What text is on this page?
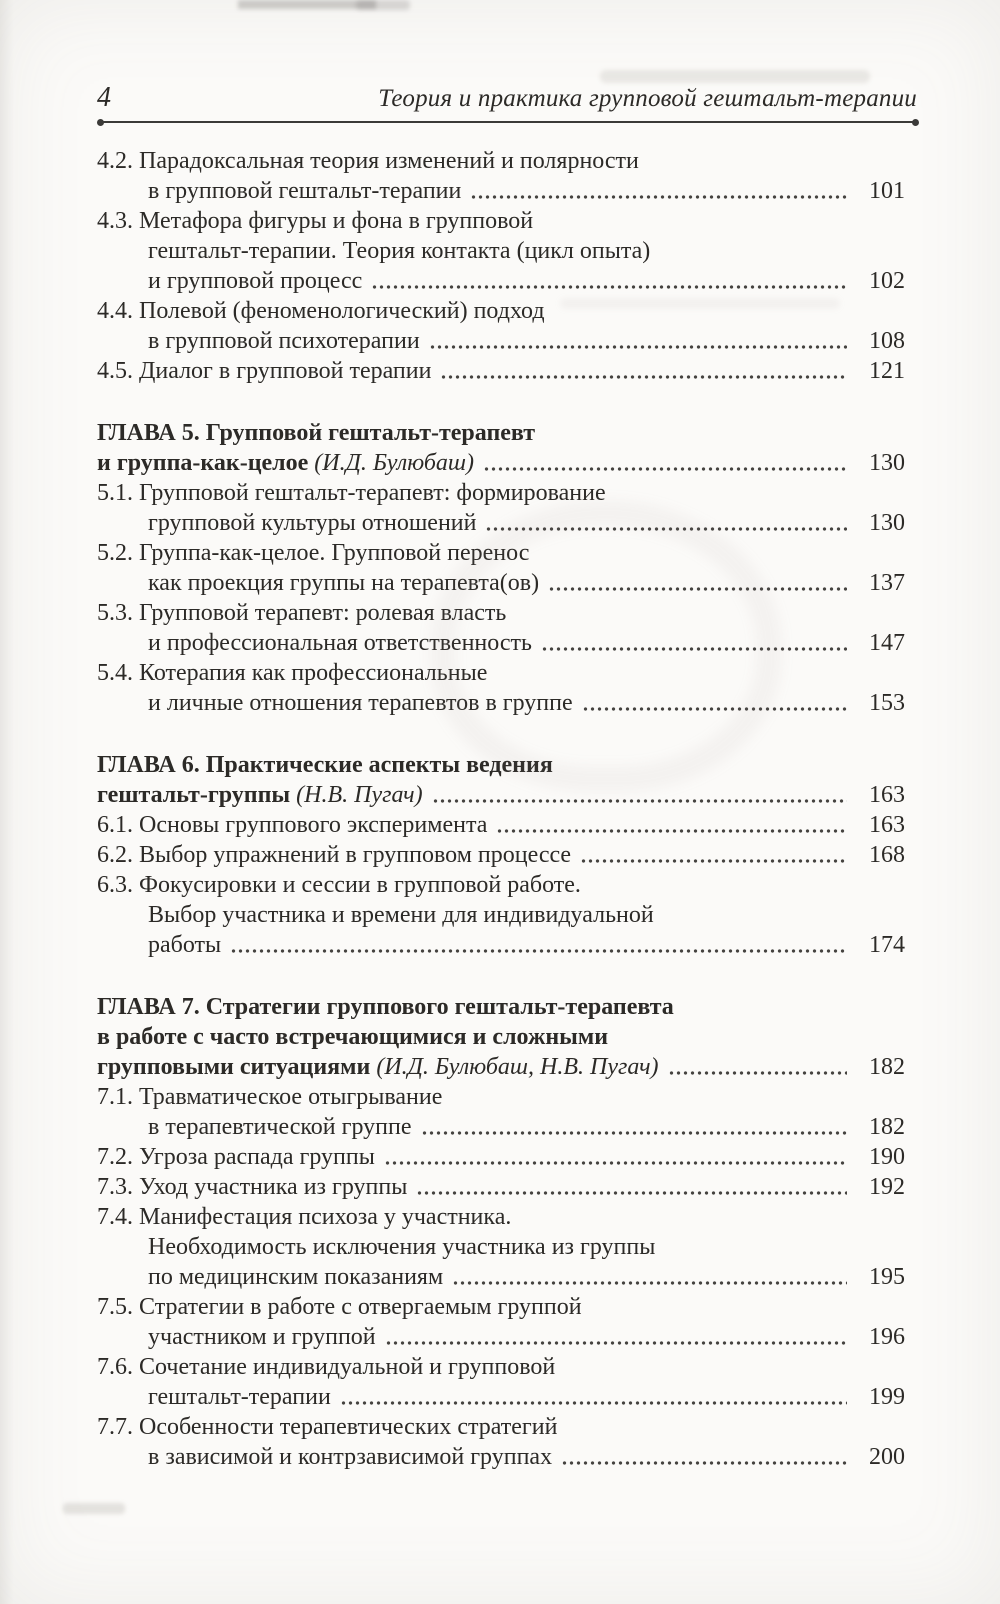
4	Теория и практика групповой гештальт-терапии
4.2. Парадоксальная теория изменений и полярности
в групповой гештальт-терапии	101
4.3. Метафора фигуры и фона в групповой
гештальт-терапии. Теория контакта (цикл опыта)
и групповой процесс	102
4.4. Полевой (феноменологический) подход
в групповой психотерапии	108
4.5. Диалог в групповой терапии	121
ГЛАВА 5. Групповой гештальт-терапевт
и группа-как-целое (И.Д. Булюбаш)	130
5.1. Групповой гештальт-терапевт: формирование
групповой культуры отношений	130
5.2. Группа-как-целое. Групповой перенос
как проекция группы на терапевта(ов)	137
5.3. Групповой терапевт: ролевая власть
и профессиональная ответственность	147
5.4. Котерапия как профессиональные
и личные отношения терапевтов в группе	153
ГЛАВА 6. Практические аспекты ведения
гештальт-группы (Н.В. Пугач)	163
6.1. Основы группового эксперимента	163
6.2. Выбор упражнений в групповом процессе	168
6.3. Фокусировки и сессии в групповой работе.
Выбор участника и времени для индивидуальной
работы	174
ГЛАВА 7. Стратегии группового гештальт-терапевта
в работе с часто встречающимися и сложными
групповыми ситуациями (И.Д. Булюбаш, Н.В. Пугач)	182
7.1. Травматическое отыгрывание
в терапевтической группе	182
7.2. Угроза распада группы	190
7.3. Уход участника из группы	192
7.4. Манифестация психоза у участника.
Необходимость исключения участника из группы
по медицинским показаниям	195
7.5. Стратегии в работе с отвергаемым группой
участником и группой	196
7.6. Сочетание индивидуальной и групповой
гештальт-терапии	199
7.7. Особенности терапевтических стратегий
в зависимой и контрзависимой группах	200
